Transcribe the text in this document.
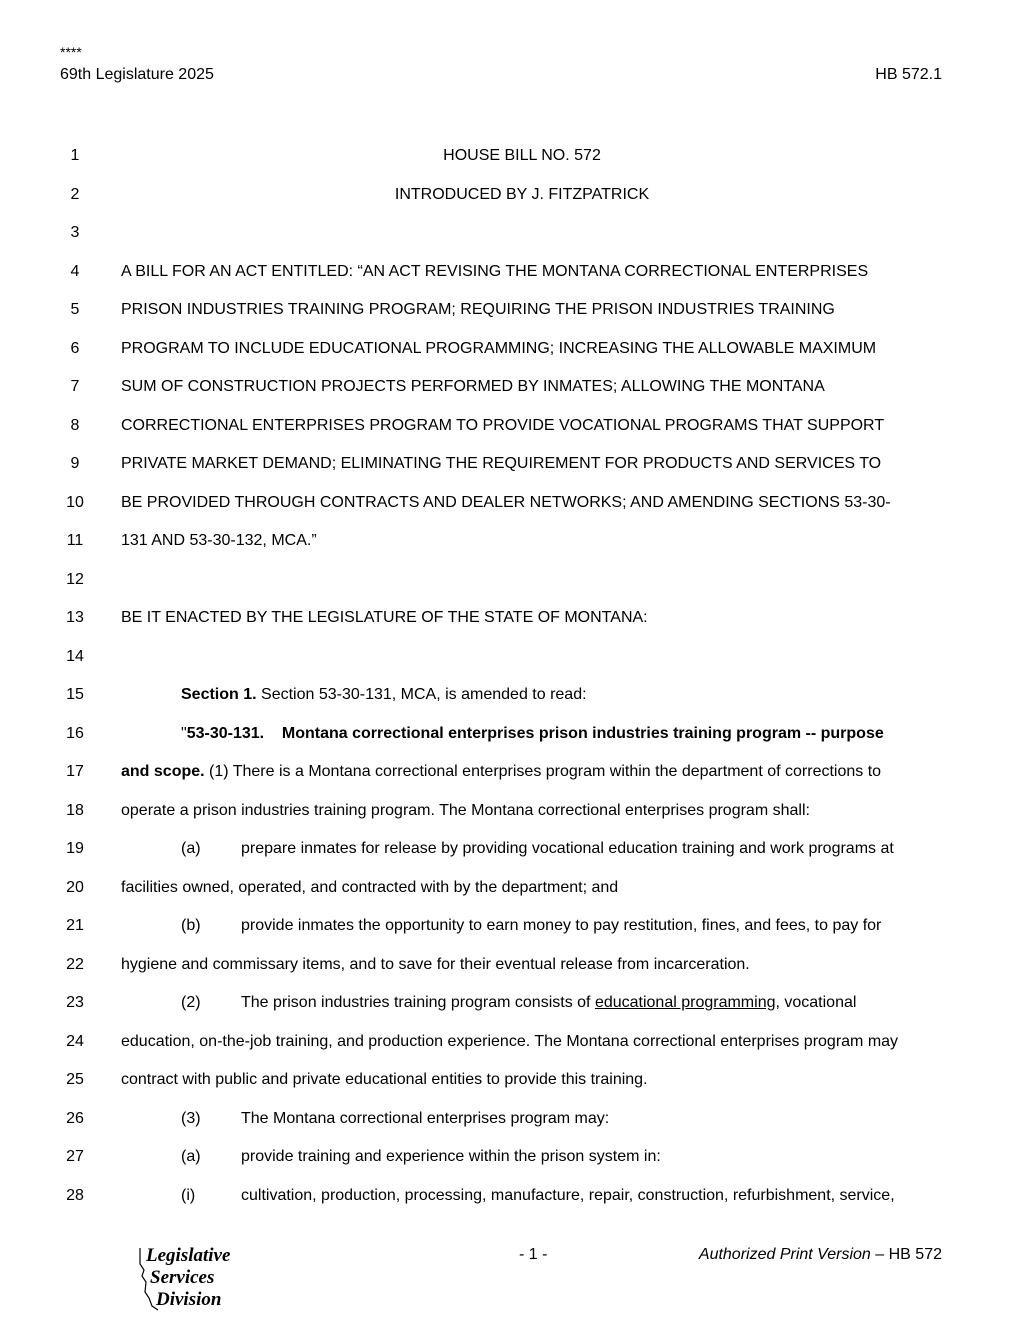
****
69th Legislature 2025	HB 572.1
1	HOUSE BILL NO. 572
2	INTRODUCED BY J. FITZPATRICK
3
4	A BILL FOR AN ACT ENTITLED: “AN ACT REVISING THE MONTANA CORRECTIONAL ENTERPRISES
5	PRISON INDUSTRIES TRAINING PROGRAM; REQUIRING THE PRISON INDUSTRIES TRAINING
6	PROGRAM TO INCLUDE EDUCATIONAL PROGRAMMING; INCREASING THE ALLOWABLE MAXIMUM
7	SUM OF CONSTRUCTION PROJECTS PERFORMED BY INMATES; ALLOWING THE MONTANA
8	CORRECTIONAL ENTERPRISES PROGRAM TO PROVIDE VOCATIONAL PROGRAMS THAT SUPPORT
9	PRIVATE MARKET DEMAND; ELIMINATING THE REQUIREMENT FOR PRODUCTS AND SERVICES TO
10	BE PROVIDED THROUGH CONTRACTS AND DEALER NETWORKS; AND AMENDING SECTIONS 53-30-
11	131 AND 53-30-132, MCA.”
12
13	BE IT ENACTED BY THE LEGISLATURE OF THE STATE OF MONTANA:
14
15	Section 1. Section 53-30-131, MCA, is amended to read:
16	"53-30-131.    Montana correctional enterprises prison industries training program -- purpose
17	and scope. (1) There is a Montana correctional enterprises program within the department of corrections to
18	operate a prison industries training program. The Montana correctional enterprises program shall:
19	(a)	prepare inmates for release by providing vocational education training and work programs at
20	facilities owned, operated, and contracted with by the department; and
21	(b)	provide inmates the opportunity to earn money to pay restitution, fines, and fees, to pay for
22	hygiene and commissary items, and to save for their eventual release from incarceration.
23	(2)	The prison industries training program consists of educational programming, vocational
24	education, on-the-job training, and production experience. The Montana correctional enterprises program may
25	contract with public and private educational entities to provide this training.
26	(3)	The Montana correctional enterprises program may:
27	(a)	provide training and experience within the prison system in:
28	(i)	cultivation, production, processing, manufacture, repair, construction, refurbishment, service,
Legislative
Services
Division
- 1 -	Authorized Print Version – HB 572
